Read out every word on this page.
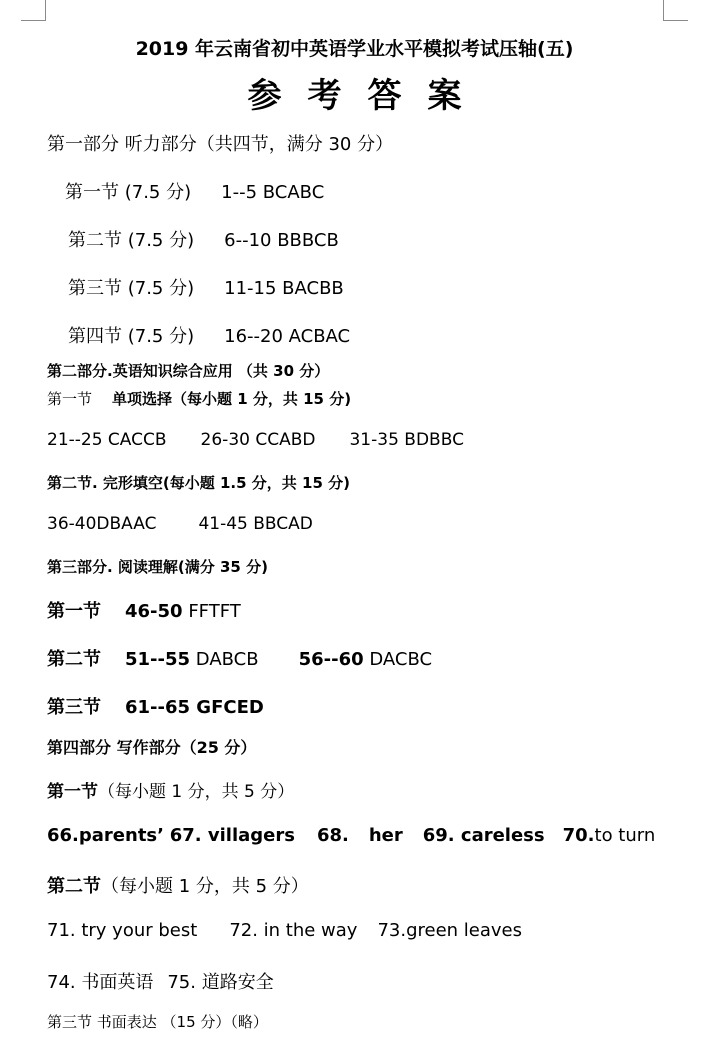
2019 年云南省初中英语学业水平模拟考试压轴(五)
参考答案
第一部分 听力部分（共四节，满分 30 分）
第一节 (7.5 分) 1--5 BCABC
第二节 (7.5 分) 6--10 BBBCB
第三节 (7.5 分) 11-15 BACBB
第四节 (7.5 分) 16--20 ACBAC
第二部分.英语知识综合应用 （共 30 分）
第一节 单项选择（每小题 1 分，共 15 分)
21--25 CACCB 26-30 CCABD 31-35 BDBBC
第二节. 完形填空(每小题 1.5 分，共 15 分)
36-40DBAAC 41-45 BBCAD
第三部分. 阅读理解(满分 35 分)
第一节 46-50 FFTFT
第二节 51--55 DABCB 56--60 DACBC
第三节 61--65 GFCED
第四部分 写作部分（25 分）
第一节（每小题 1 分，共 5 分）
66.parents’ 67. villagers 68. her 69. careless 70.to turn
第二节（每小题 1 分，共 5 分）
71. try your best 72. in the way 73.green leaves
74. 书面英语 75. 道路安全
第三节 书面表达 （15 分）（略）
